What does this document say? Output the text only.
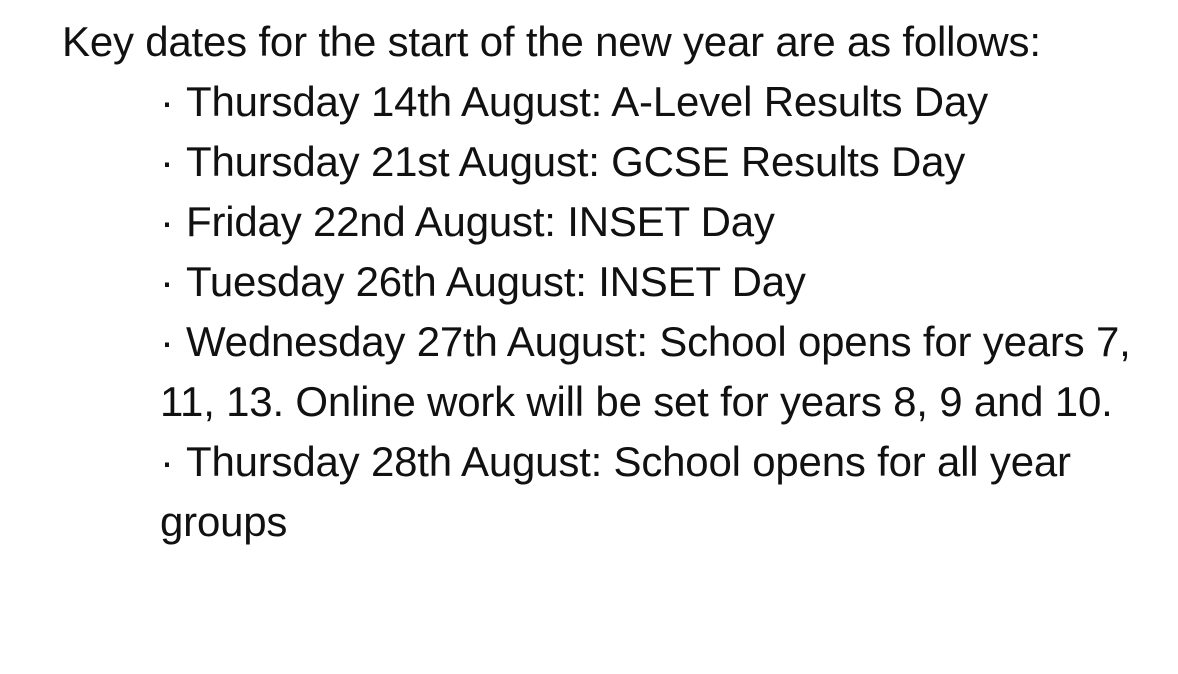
Key dates for the start of the new year are as follows:

· Thursday 14th August: A-Level Results Day
· Thursday 21st August: GCSE Results Day
· Friday 22nd August: INSET Day
· Tuesday 26th August: INSET Day
· Wednesday 27th August: School opens for years 7, 11, 13. Online work will be set for years 8, 9 and 10.
· Thursday 28th August: School opens for all year groups
